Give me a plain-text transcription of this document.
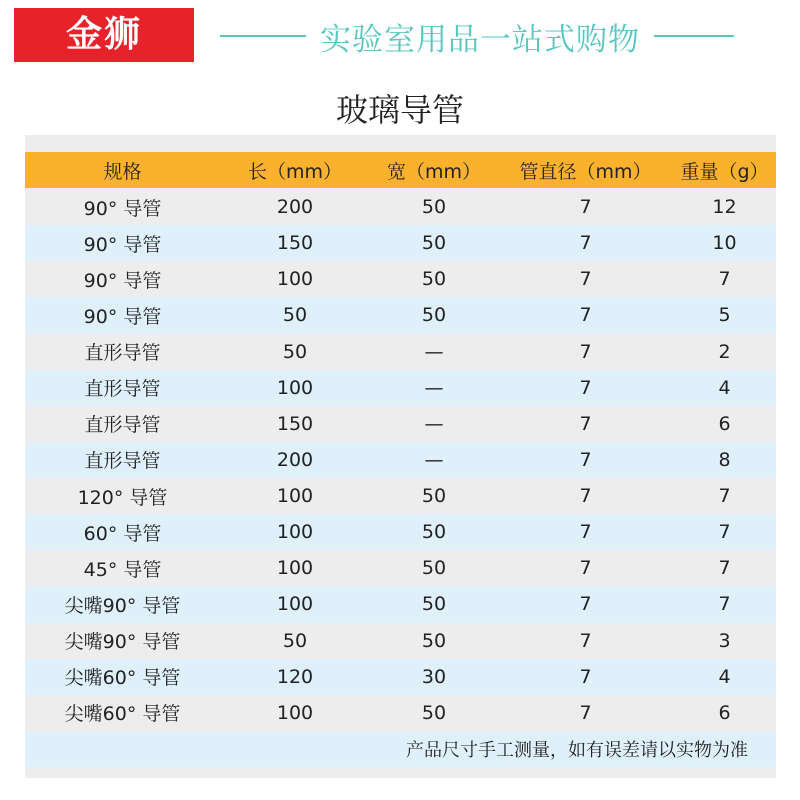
金狮	实验室用品一站式购物
玻璃导管
规格	长（mm）	宽（mm）	管直径（mm）	重量（g）
90° 导管	200	50	7	12
90° 导管	150	50	7	10
90° 导管	100	50	7	7
90° 导管	50	50	7	5
直形导管	50	—	7	2
直形导管	100	—	7	4
直形导管	150	—	7	6
直形导管	200	—	7	8
120° 导管	100	50	7	7
60° 导管	100	50	7	7
45° 导管	100	50	7	7
尖嘴90° 导管	100	50	7	7
尖嘴90° 导管	50	50	7	3
尖嘴60° 导管	120	30	7	4
尖嘴60° 导管	100	50	7	6
产品尺寸手工测量，如有误差请以实物为准
